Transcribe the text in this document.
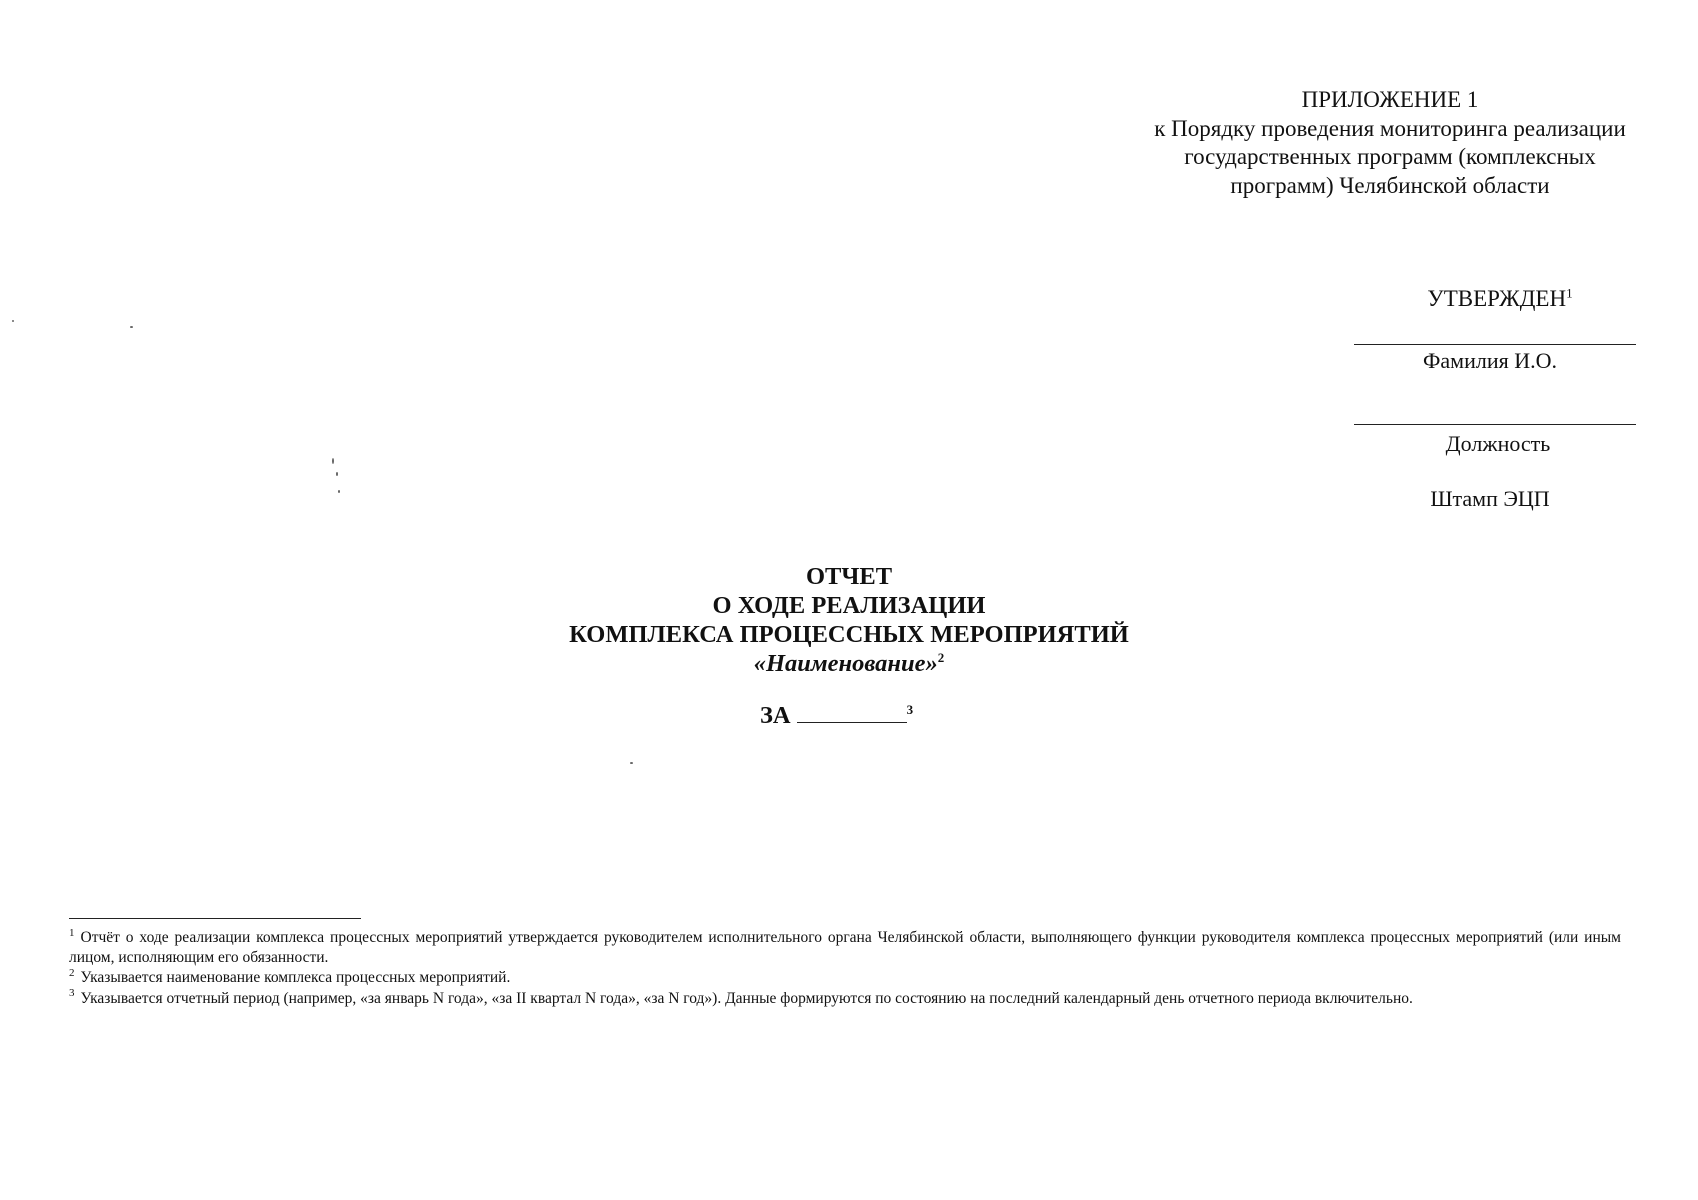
ПРИЛОЖЕНИЕ 1
к Порядку проведения мониторинга реализации
государственных программ (комплексных
программ) Челябинской области
УТВЕРЖДЕН$^1$
Фамилия И.О.
Должность
Штамп ЭЦП
ОТЧЕТ
О ХОДЕ РЕАЛИЗАЦИИ
КОМПЛЕКСА ПРОЦЕССНЫХ МЕРОПРИЯТИЙ
«Наименование»$^2$
ЗА	$^3$

$^1$ Отчёт о ходе реализации комплекса процессных мероприятий утверждается руководителем исполнительного органа Челябинской области, выполняющего функции руководителя комплекса процессных мероприятий (или иным лицом, исполняющим его обязанности.

$^2$ Указывается наименование комплекса процессных мероприятий.

$^3$ Указывается отчетный период (например, «за январь N года», «за II квартал N года», «за N год»). Данные формируются по состоянию на последний календарный день отчетного периода включительно.
